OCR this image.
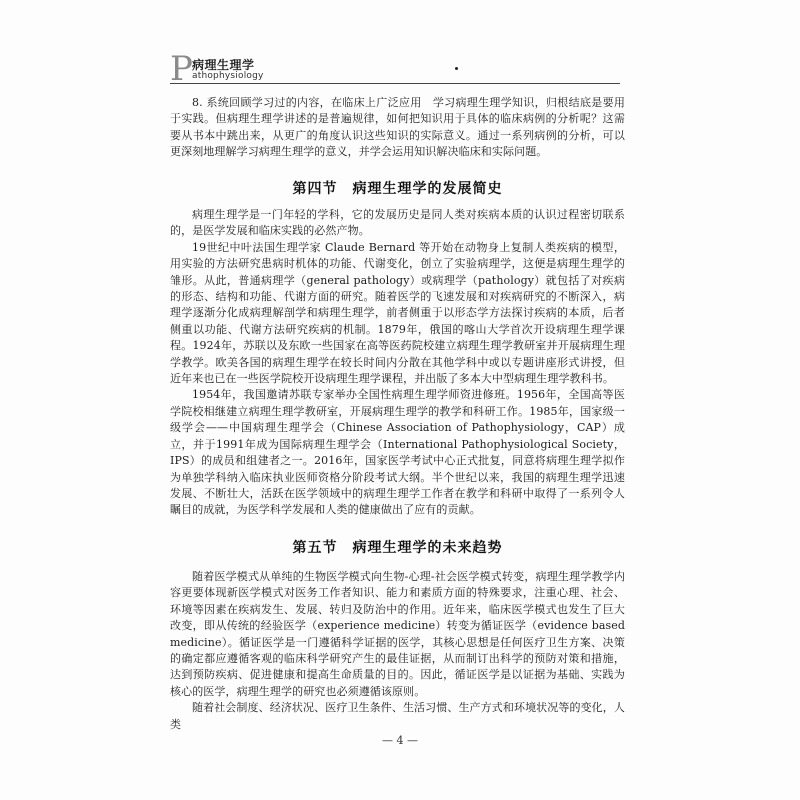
P 病理生理学
athophysiology

8. 系统回顾学习过的内容，在临床上广泛应用　学习病理生理学知识，归根结底是要用于实践。但病理生理学讲述的是普遍规律，如何把知识用于具体的临床病例的分析呢？这需要从书本中跳出来，从更广的角度认识这些知识的实际意义。通过一系列病例的分析，可以更深刻地理解学习病理生理学的意义，并学会运用知识解决临床和实际问题。

第四节　病理生理学的发展简史

病理生理学是一门年轻的学科，它的发展历史是同人类对疾病本质的认识过程密切联系的，是医学发展和临床实践的必然产物。

19世纪中叶法国生理学家 Claude Bernard 等开始在动物身上复制人类疾病的模型，用实验的方法研究患病时机体的功能、代谢变化，创立了实验病理学，这便是病理生理学的雏形。从此，普通病理学（general pathology）或病理学（pathology）就包括了对疾病的形态、结构和功能、代谢方面的研究。随着医学的飞速发展和对疾病研究的不断深入，病理学逐渐分化成病理解剖学和病理生理学，前者侧重于以形态学方法探讨疾病的本质，后者侧重以功能、代谢方法研究疾病的机制。1879年，俄国的喀山大学首次开设病理生理学课程。1924年，苏联以及东欧一些国家在高等医药院校建立病理生理学教研室并开展病理生理学教学。欧美各国的病理生理学在较长时间内分散在其他学科中或以专题讲座形式讲授，但近年来也已在一些医学院校开设病理生理学课程，并出版了多本大中型病理生理学教科书。

1954年，我国邀请苏联专家举办全国性病理生理学师资进修班。1956年，全国高等医学院校相继建立病理生理学教研室，开展病理生理学的教学和科研工作。1985年，国家级一级学会——中国病理生理学会（Chinese Association of Pathophysiology，CAP）成立，并于1991年成为国际病理生理学会（International Pathophysiological Society，IPS）的成员和组建者之一。2016年，国家医学考试中心正式批复，同意将病理生理学拟作为单独学科纳入临床执业医师资格分阶段考试大纲。半个世纪以来，我国的病理生理学迅速发展、不断壮大，活跃在医学领域中的病理生理学工作者在教学和科研中取得了一系列令人瞩目的成就，为医学科学发展和人类的健康做出了应有的贡献。

第五节　病理生理学的未来趋势

随着医学模式从单纯的生物医学模式向生物-心理-社会医学模式转变，病理生理学教学内容更要体现新医学模式对医务工作者知识、能力和素质方面的特殊要求，注重心理、社会、环境等因素在疾病发生、发展、转归及防治中的作用。近年来，临床医学模式也发生了巨大改变，即从传统的经验医学（experience medicine）转变为循证医学（evidence based medicine）。循证医学是一门遵循科学证据的医学，其核心思想是任何医疗卫生方案、决策的确定都应遵循客观的临床科学研究产生的最佳证据，从而制订出科学的预防对策和措施，达到预防疾病、促进健康和提高生命质量的目的。因此，循证医学是以证据为基础、实践为核心的医学，病理生理学的研究也必须遵循该原则。

随着社会制度、经济状况、医疗卫生条件、生活习惯、生产方式和环境状况等的变化，人类

— 4 —
